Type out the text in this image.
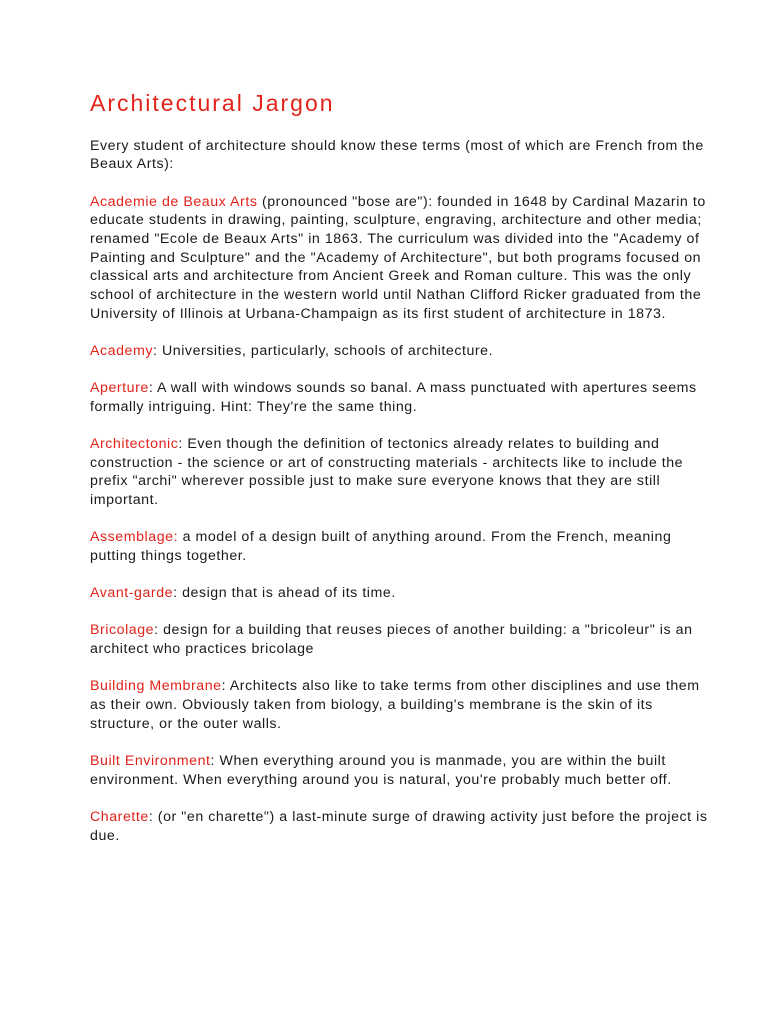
Architectural Jargon

Every student of architecture should know these terms (most of which are French from the Beaux Arts):

Academie de Beaux Arts (pronounced "bose are"): founded in 1648 by Cardinal Mazarin to educate students in drawing, painting, sculpture, engraving, architecture and other media; renamed "Ecole de Beaux Arts" in 1863. The curriculum was divided into the "Academy of Painting and Sculpture" and the "Academy of Architecture", but both programs focused on classical arts and architecture from Ancient Greek and Roman culture. This was the only school of architecture in the western world until Nathan Clifford Ricker graduated from the University of Illinois at Urbana-Champaign as its first student of architecture in 1873.

Academy: Universities, particularly, schools of architecture.

Aperture: A wall with windows sounds so banal. A mass punctuated with apertures seems formally intriguing. Hint: They're the same thing.

Architectonic: Even though the definition of tectonics already relates to building and construction - the science or art of constructing materials - architects like to include the prefix "archi" wherever possible just to make sure everyone knows that they are still important.

Assemblage: a model of a design built of anything around. From the French, meaning putting things together.

Avant-garde: design that is ahead of its time.

Bricolage: design for a building that reuses pieces of another building: a "bricoleur" is an architect who practices bricolage

Building Membrane: Architects also like to take terms from other disciplines and use them as their own. Obviously taken from biology, a building's membrane is the skin of its structure, or the outer walls.

Built Environment: When everything around you is manmade, you are within the built environment. When everything around you is natural, you're probably much better off.

Charette: (or "en charette") a last-minute surge of drawing activity just before the project is due.
